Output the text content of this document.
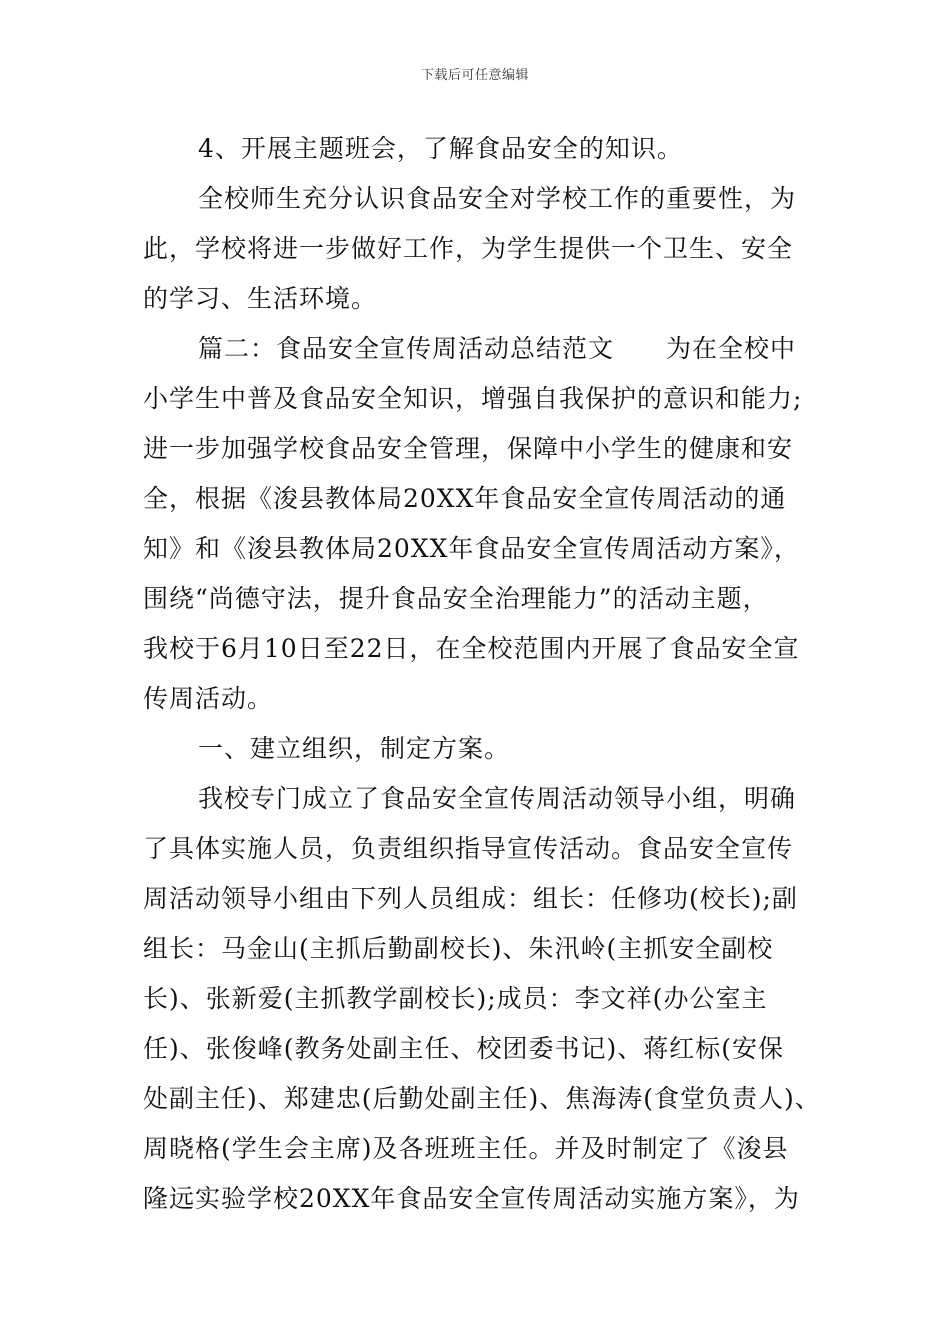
下载后可任意编辑
4、开展主题班会，了解食品安全的知识。
全校师生充分认识食品安全对学校工作的重要性，为
此，学校将进一步做好工作，为学生提供一个卫生、安全
的学习、生活环境。
篇二：食品安全宣传周活动总结范文　　为在全校中
小学生中普及食品安全知识，增强自我保护的意识和能力;
进一步加强学校食品安全管理，保障中小学生的健康和安
全，根据《浚县教体局20XX年食品安全宣传周活动的通
知》和《浚县教体局20XX年食品安全宣传周活动方案》，
围绕“尚德守法，提升食品安全治理能力”的活动主题，
我校于6月10日至22日，在全校范围内开展了食品安全宣
传周活动。
一、建立组织，制定方案。
我校专门成立了食品安全宣传周活动领导小组，明确
了具体实施人员，负责组织指导宣传活动。食品安全宣传
周活动领导小组由下列人员组成：组长：任修功(校长);副
组长：马金山(主抓后勤副校长)、朱汛岭(主抓安全副校
长)、张新爱(主抓教学副校长);成员：李文祥(办公室主
任)、张俊峰(教务处副主任、校团委书记)、蒋红标(安保
处副主任)、郑建忠(后勤处副主任)、焦海涛(食堂负责人)、
周晓格(学生会主席)及各班班主任。并及时制定了《浚县
隆远实验学校20XX年食品安全宣传周活动实施方案》，为
